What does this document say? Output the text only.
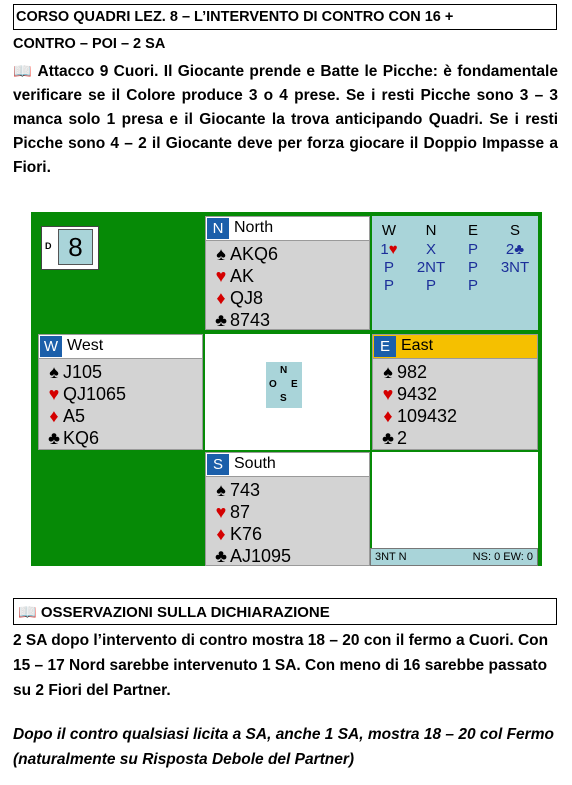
CORSO QUADRI LEZ. 8 – L’INTERVENTO DI CONTRO CON 16 +
CONTRO – POI – 2 SA
📖 Attacco 9 Cuori. Il Giocante prende e Batte le Picche: è fondamentale verificare se il Colore produce 3 o 4 prese. Se i resti Picche sono 3 – 3 manca solo 1 presa e il Giocante la trova anticipando Quadri. Se i resti Picche sono 4 – 2 il Giocante deve per forza giocare il Doppio Impasse a Fiori.
D 8
N North
♠ AKQ6
♥ AK
♦ QJ8
♣ 8743
W	N	E	S
1♥	X	P	2♣
P	2NT	P	3NT
P	P	P
W West
♠ J105
♥ QJ1065
♦ A5
♣ KQ6
N
O E
S
E East
♠ 982
♥ 9432
♦ 109432
♣ 2
S South
♠ 743
♥ 87
♦ K76
♣ AJ1095	3NT N	NS: 0 EW: 0
📖 OSSERVAZIONI SULLA DICHIARAZIONE
2 SA dopo l’intervento di contro mostra 18 – 20 con il fermo a Cuori. Con 15 – 17 Nord sarebbe intervenuto 1 SA. Con meno di 16 sarebbe passato su 2 Fiori del Partner.
Dopo il contro qualsiasi licita a SA, anche 1 SA, mostra 18 – 20 col Fermo (naturalmente su Risposta Debole del Partner)
